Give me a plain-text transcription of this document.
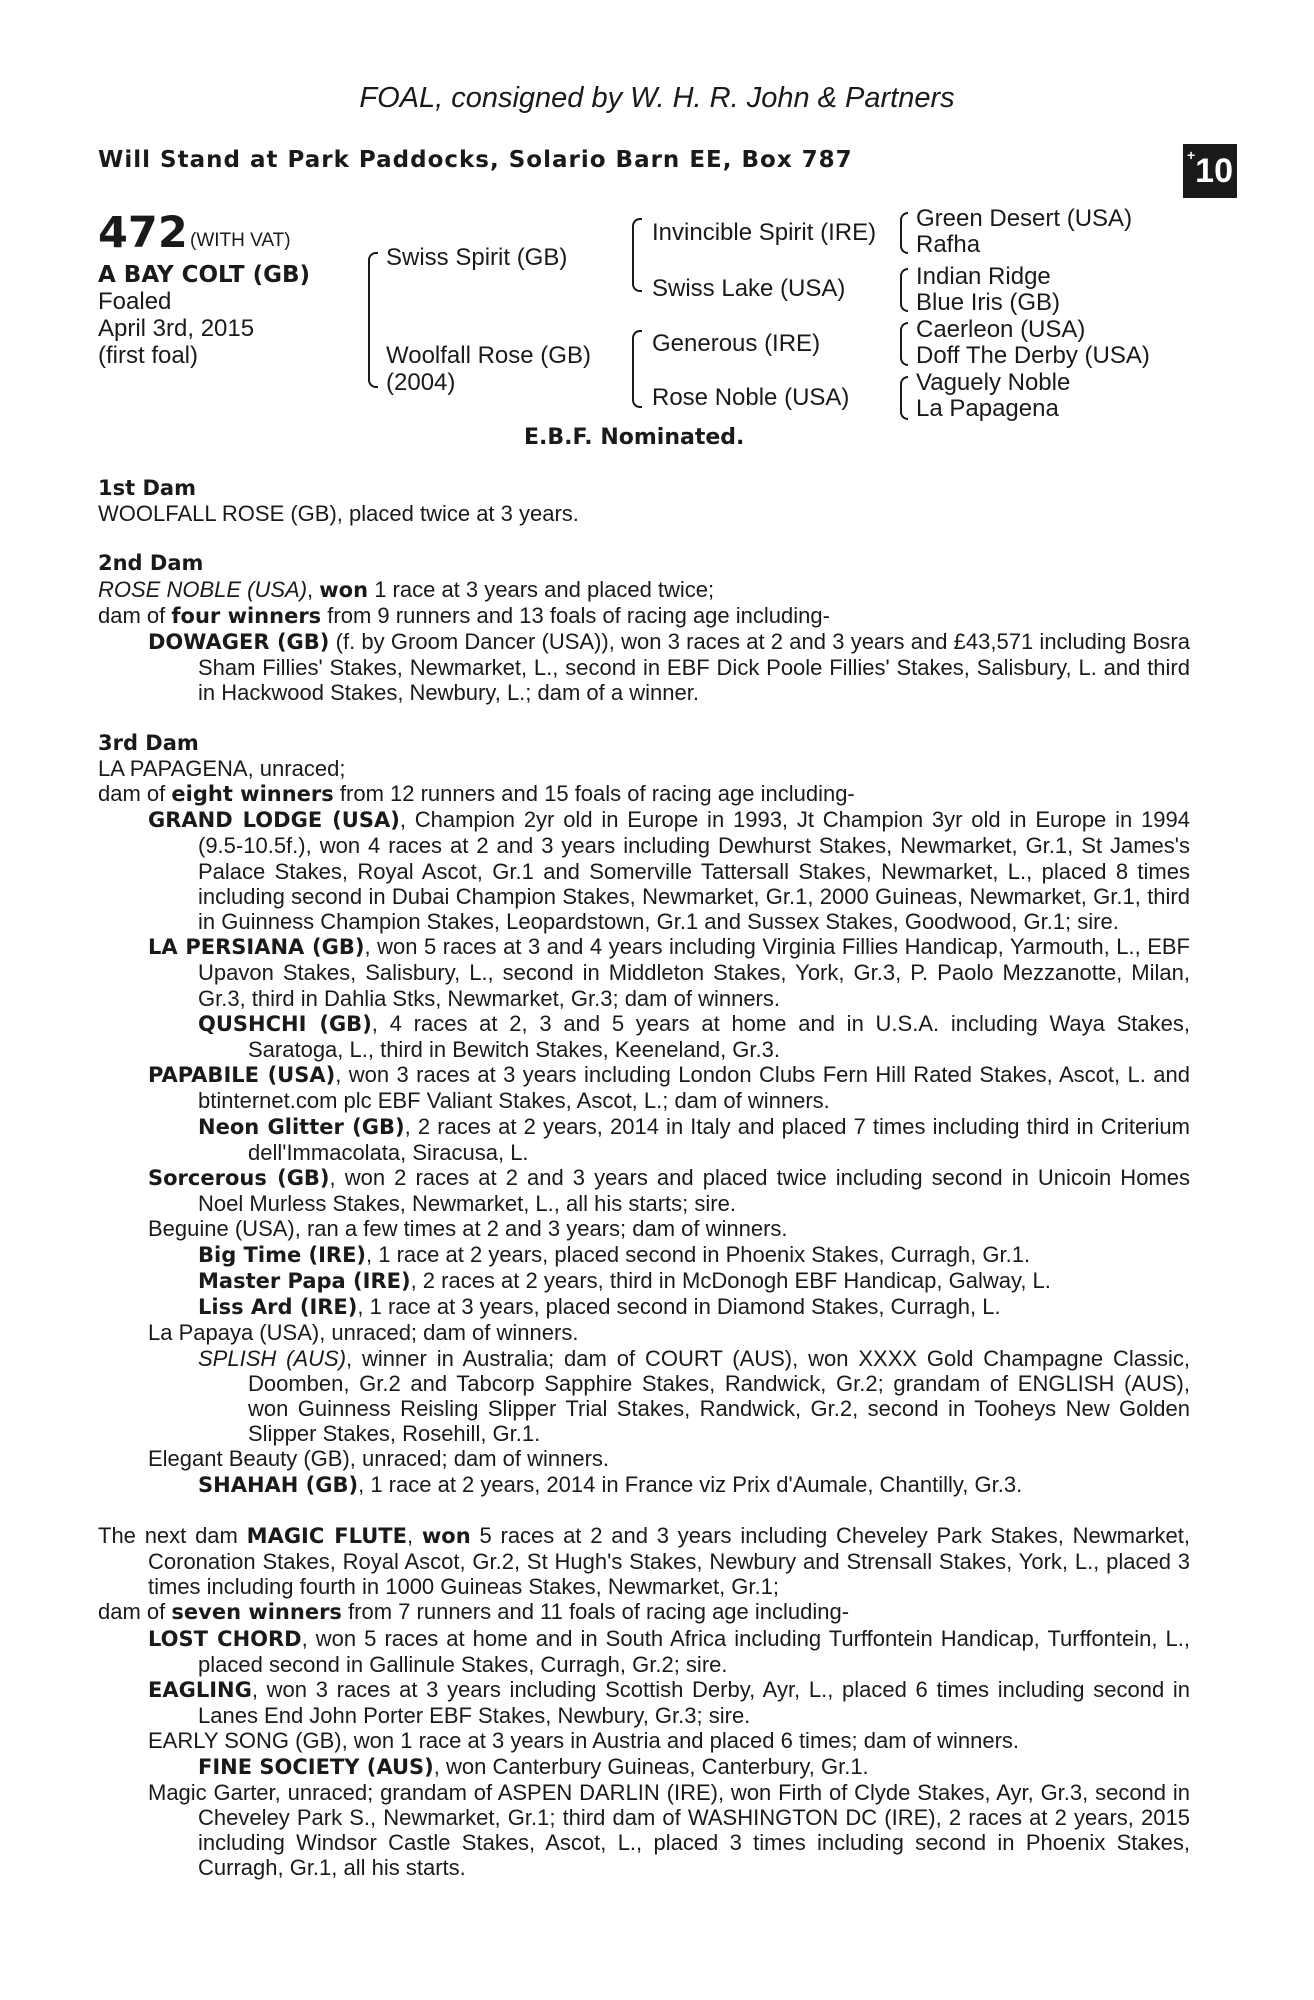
FOAL, consigned by W. H. R. John & Partners
Will Stand at Park Paddocks, Solario Barn EE, Box 787	+10
472 (WITH VAT)
A BAY COLT (GB)
Foaled
April 3rd, 2015
(first foal)
Swiss Spirit (GB)
Woolfall Rose (GB)
(2004)
Invincible Spirit (IRE)
Swiss Lake (USA)
Generous (IRE)
Rose Noble (USA)
Green Desert (USA)
Rafha
Indian Ridge
Blue Iris (GB)
Caerleon (USA)
Doff The Derby (USA)
Vaguely Noble
La Papagena
E.B.F. Nominated.

1st Dam

WOOLFALL ROSE (GB), placed twice at 3 years.

2nd Dam

ROSE NOBLE (USA), won 1 race at 3 years and placed twice;

dam of four winners from 9 runners and 13 foals of racing age including-

DOWAGER (GB) (f. by Groom Dancer (USA)), won 3 races at 2 and 3 years and £43,571 including Bosra Sham Fillies' Stakes, Newmarket, L., second in EBF Dick Poole Fillies' Stakes, Salisbury, L. and third in Hackwood Stakes, Newbury, L.; dam of a winner.

3rd Dam

LA PAPAGENA, unraced;

dam of eight winners from 12 runners and 15 foals of racing age including-

GRAND LODGE (USA), Champion 2yr old in Europe in 1993, Jt Champion 3yr old in Europe in 1994 (9.5-10.5f.), won 4 races at 2 and 3 years including Dewhurst Stakes, Newmarket, Gr.1, St James's Palace Stakes, Royal Ascot, Gr.1 and Somerville Tattersall Stakes, Newmarket, L., placed 8 times including second in Dubai Champion Stakes, Newmarket, Gr.1, 2000 Guineas, Newmarket, Gr.1, third in Guinness Champion Stakes, Leopardstown, Gr.1 and Sussex Stakes, Goodwood, Gr.1; sire.

LA PERSIANA (GB), won 5 races at 3 and 4 years including Virginia Fillies Handicap, Yarmouth, L., EBF Upavon Stakes, Salisbury, L., second in Middleton Stakes, York, Gr.3, P. Paolo Mezzanotte, Milan, Gr.3, third in Dahlia Stks, Newmarket, Gr.3; dam of winners.

QUSHCHI (GB), 4 races at 2, 3 and 5 years at home and in U.S.A. including Waya Stakes, Saratoga, L., third in Bewitch Stakes, Keeneland, Gr.3.

PAPABILE (USA), won 3 races at 3 years including London Clubs Fern Hill Rated Stakes, Ascot, L. and btinternet.com plc EBF Valiant Stakes, Ascot, L.; dam of winners.

Neon Glitter (GB), 2 races at 2 years, 2014 in Italy and placed 7 times including third in Criterium dell'Immacolata, Siracusa, L.

Sorcerous (GB), won 2 races at 2 and 3 years and placed twice including second in Unicoin Homes Noel Murless Stakes, Newmarket, L., all his starts; sire.

Beguine (USA), ran a few times at 2 and 3 years; dam of winners.

Big Time (IRE), 1 race at 2 years, placed second in Phoenix Stakes, Curragh, Gr.1.

Master Papa (IRE), 2 races at 2 years, third in McDonogh EBF Handicap, Galway, L.

Liss Ard (IRE), 1 race at 3 years, placed second in Diamond Stakes, Curragh, L.

La Papaya (USA), unraced; dam of winners.

SPLISH (AUS), winner in Australia; dam of COURT (AUS), won XXXX Gold Champagne Classic, Doomben, Gr.2 and Tabcorp Sapphire Stakes, Randwick, Gr.2; grandam of ENGLISH (AUS), won Guinness Reisling Slipper Trial Stakes, Randwick, Gr.2, second in Tooheys New Golden Slipper Stakes, Rosehill, Gr.1.

Elegant Beauty (GB), unraced; dam of winners.

SHAHAH (GB), 1 race at 2 years, 2014 in France viz Prix d'Aumale, Chantilly, Gr.3.

The next dam MAGIC FLUTE, won 5 races at 2 and 3 years including Cheveley Park Stakes, Newmarket, Coronation Stakes, Royal Ascot, Gr.2, St Hugh's Stakes, Newbury and Strensall Stakes, York, L., placed 3 times including fourth in 1000 Guineas Stakes, Newmarket, Gr.1;

dam of seven winners from 7 runners and 11 foals of racing age including-

LOST CHORD, won 5 races at home and in South Africa including Turffontein Handicap, Turffontein, L., placed second in Gallinule Stakes, Curragh, Gr.2; sire.

EAGLING, won 3 races at 3 years including Scottish Derby, Ayr, L., placed 6 times including second in Lanes End John Porter EBF Stakes, Newbury, Gr.3; sire.

EARLY SONG (GB), won 1 race at 3 years in Austria and placed 6 times; dam of winners.

FINE SOCIETY (AUS), won Canterbury Guineas, Canterbury, Gr.1.

Magic Garter, unraced; grandam of ASPEN DARLIN (IRE), won Firth of Clyde Stakes, Ayr, Gr.3, second in Cheveley Park S., Newmarket, Gr.1; third dam of WASHINGTON DC (IRE), 2 races at 2 years, 2015 including Windsor Castle Stakes, Ascot, L., placed 3 times including second in Phoenix Stakes, Curragh, Gr.1, all his starts.
